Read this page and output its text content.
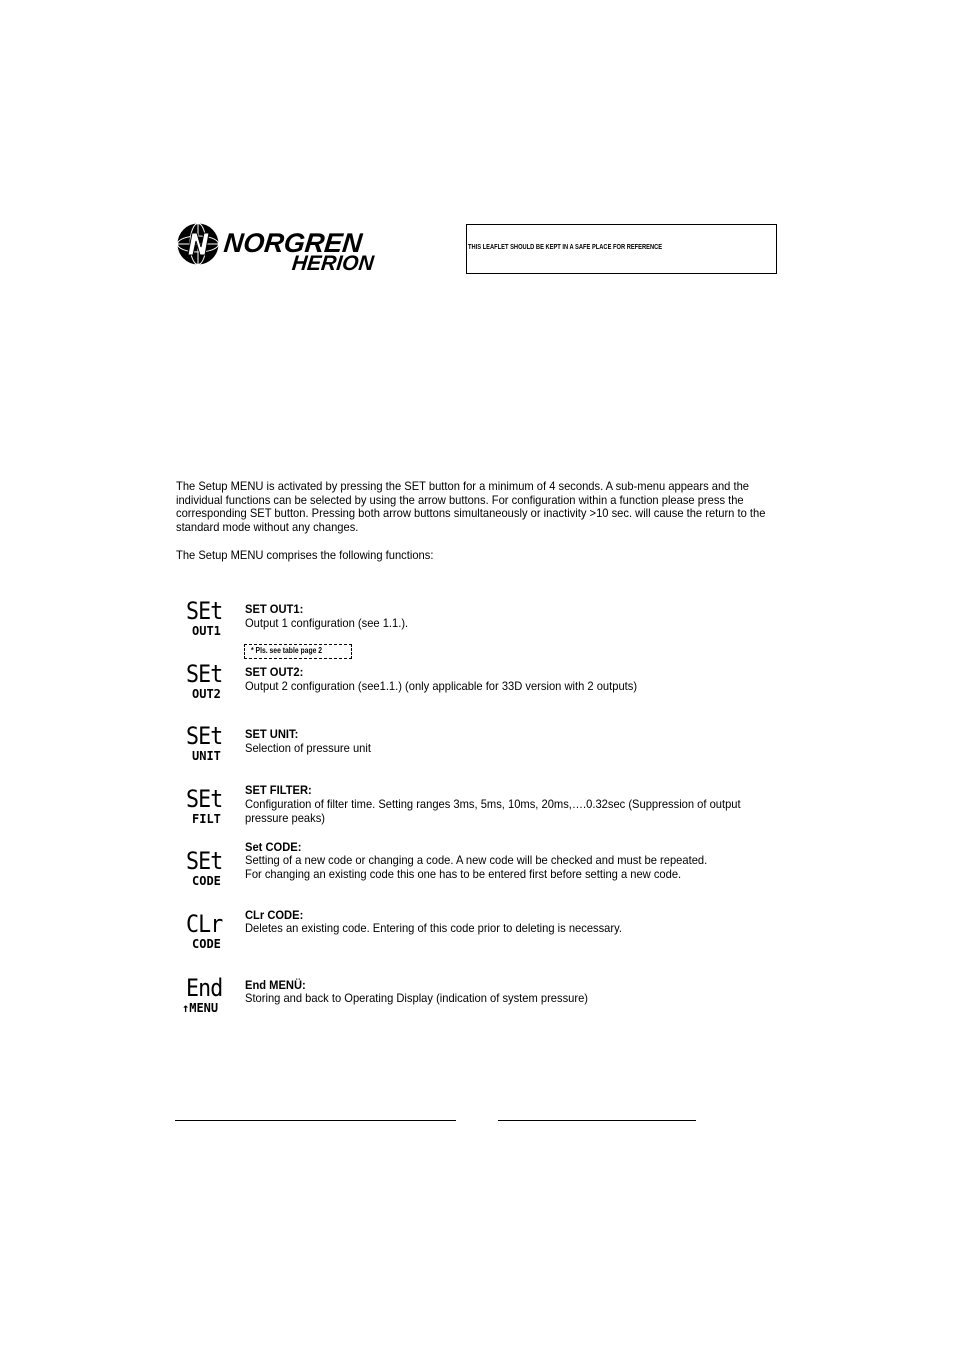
NORGREN
HERION
THIS LEAFLET SHOULD BE KEPT IN A SAFE PLACE FOR REFERENCE
The Setup MENU is activated by pressing the SET button for a minimum of 4 seconds. A sub-menu appears and the individual functions can be selected by using the arrow buttons. For configuration within a function please press the corresponding SET button. Pressing both arrow buttons simultaneously or inactivity >10 sec. will cause the return to the standard mode without any changes.
The Setup MENU comprises the following functions:
SEt
OUT1
SET OUT1:
Output 1 configuration (see 1.1.).
* Pls. see table page 2
SEt
OUT2
SET OUT2:
Output 2 configuration (see1.1.) (only applicable for 33D version with 2 outputs)
SEt
UNIT
SET UNIT:
Selection of pressure unit
SEt
FILT
SET FILTER:
Configuration of filter time. Setting ranges 3ms, 5ms, 10ms, 20ms,….0.32sec (Suppression of output pressure peaks)
SEt
CODE
Set CODE:
Setting of a new code or changing a code. A new code will be checked and must be repeated.
For changing an existing code this one has to be entered first before setting a new code.
CLr
CODE
CLr CODE:
Deletes an existing code. Entering of this code prior to deleting is necessary.
End
↑MENU
End MENÜ:
Storing and back to Operating Display (indication of system pressure)
